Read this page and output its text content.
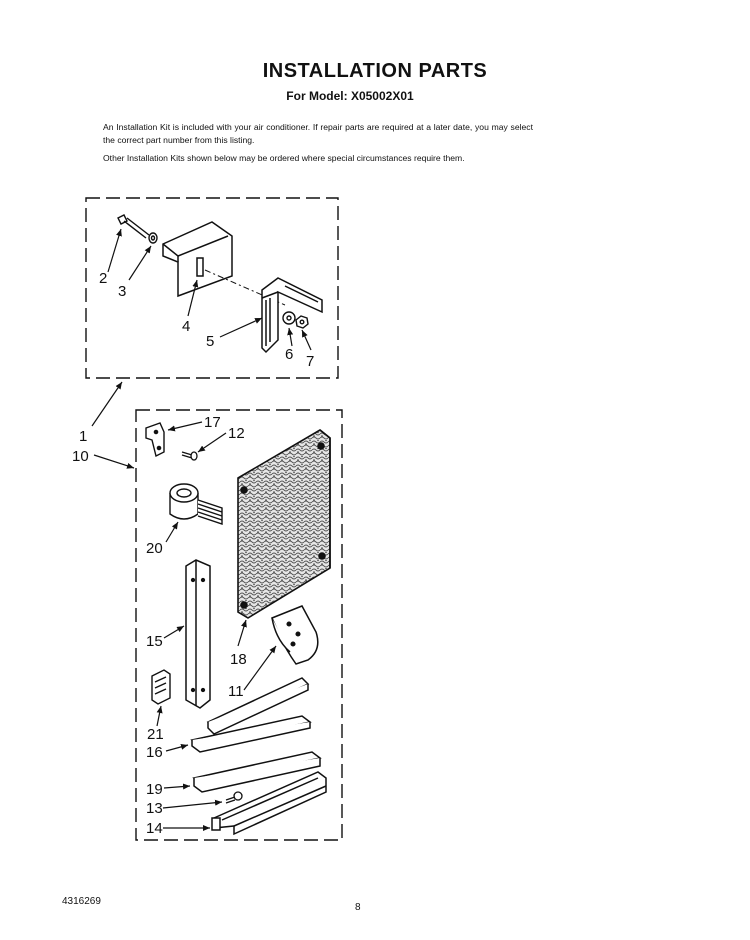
INSTALLATION PARTS
For Model: X05002X01
An Installation Kit is included with your air conditioner. If repair parts are required at a later date, you may select the correct part number from this listing.
Other Installation Kits shown below may be ordered where special circumstances require them.
2
3
4
5
6 7
1
10
17
12
20
15
18
11
21
16
19
13
14
4316269
8
